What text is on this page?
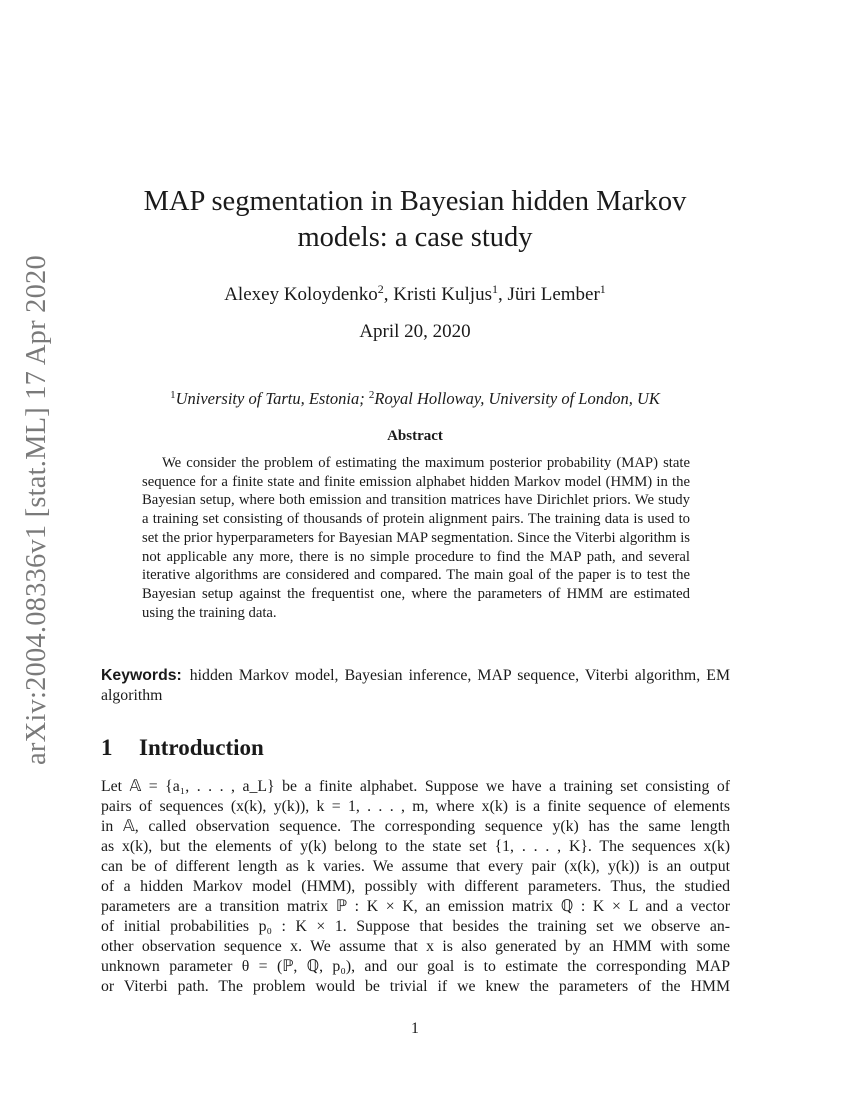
arXiv:2004.08336v1 [stat.ML] 17 Apr 2020
MAP segmentation in Bayesian hidden Markov
models: a case study
Alexey Koloydenko$^2$, Kristi Kuljus$^1$, Jüri Lember$^1$
April 20, 2020
$^1$University of Tartu, Estonia; $^2$Royal Holloway, University of London, UK
Abstract

We consider the problem of estimating the maximum posterior probability (MAP) state sequence for a finite state and finite emission alphabet hidden Markov model (HMM) in the Bayesian setup, where both emission and transition matrices have Dirichlet priors. We study a training set consisting of thousands of protein alignment pairs. The training data is used to set the prior hyperparameters for Bayesian MAP segmentation. Since the Viterbi algorithm is not applicable any more, there is no simple procedure to find the MAP path, and several iterative algorithms are considered and compared. The main goal of the paper is to test the Bayesian setup against the frequentist one, where the parameters of HMM are estimated using the training data.

Keywords: hidden Markov model, Bayesian inference, MAP sequence, Viterbi algorithm, EM algorithm

1 Introduction
Let 𝔸 = {a₁, . . . , a_L} be a finite alphabet. Suppose we have a training set consisting of
pairs of sequences (x(k), y(k)), k = 1, . . . , m, where x(k) is a finite sequence of elements
in 𝔸, called observation sequence. The corresponding sequence y(k) has the same length
as x(k), but the elements of y(k) belong to the state set {1, . . . , K}. The sequences x(k)
can be of different length as k varies. We assume that every pair (x(k), y(k)) is an output
of a hidden Markov model (HMM), possibly with different parameters. Thus, the studied
parameters are a transition matrix ℙ : K × K, an emission matrix ℚ : K × L and a vector
of initial probabilities p₀ : K × 1. Suppose that besides the training set we observe an-
other observation sequence x. We assume that x is also generated by an HMM with some
unknown parameter θ = (ℙ, ℚ, p₀), and our goal is to estimate the corresponding MAP
or Viterbi path. The problem would be trivial if we knew the parameters of the HMM
1
